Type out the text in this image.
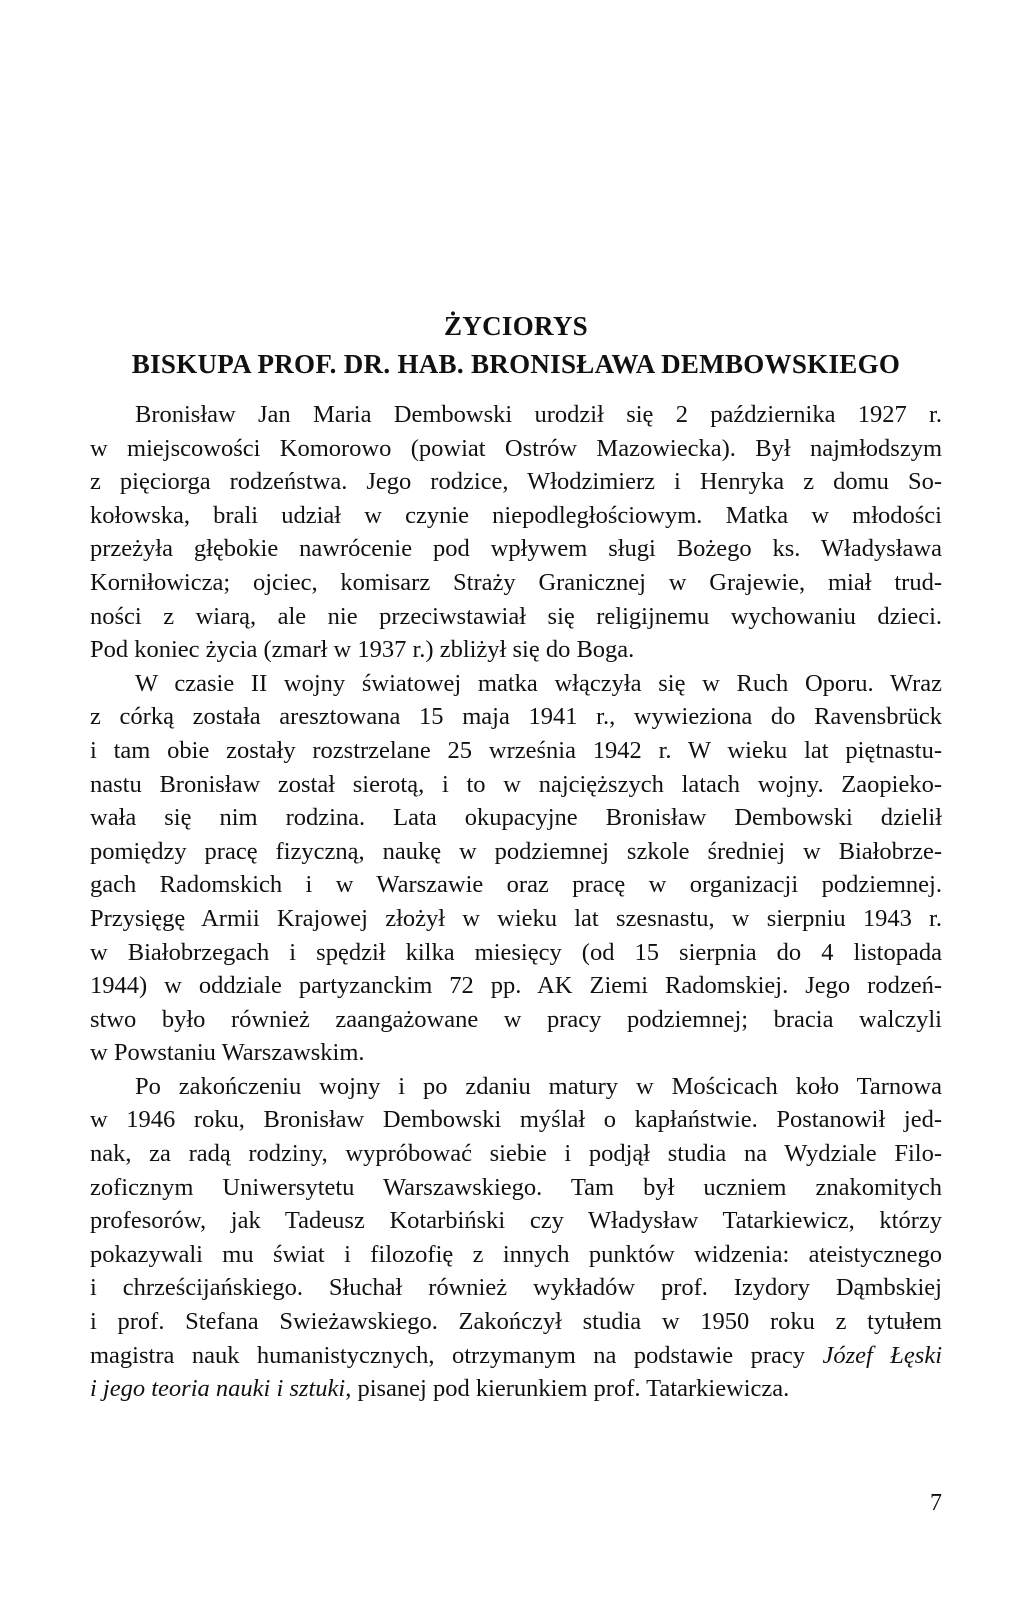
ŻYCIORYS
BISKUPA PROF. DR. HAB. BRONISŁAWA DEMBOWSKIEGO
Bronisław Jan Maria Dembowski urodził się 2 października 1927 r.
w miejscowości Komorowo (powiat Ostrów Mazowiecka). Był najmłodszym
z pięciorga rodzeństwa. Jego rodzice, Włodzimierz i Henryka z domu So-
kołowska, brali udział w czynie niepodległościowym. Matka w młodości
przeżyła głębokie nawrócenie pod wpływem sługi Bożego ks. Władysława
Korniłowicza; ojciec, komisarz Straży Granicznej w Grajewie, miał trud-
ności z wiarą, ale nie przeciwstawiał się religijnemu wychowaniu dzieci.
Pod koniec życia (zmarł w 1937 r.) zbliżył się do Boga.
W czasie II wojny światowej matka włączyła się w Ruch Oporu. Wraz
z córką została aresztowana 15 maja 1941 r., wywieziona do Ravensbrück
i tam obie zostały rozstrzelane 25 września 1942 r. W wieku lat piętnastu-
nastu Bronisław został sierotą, i to w najcięższych latach wojny. Zaopieko-
wała się nim rodzina. Lata okupacyjne Bronisław Dembowski dzielił
pomiędzy pracę fizyczną, naukę w podziemnej szkole średniej w Białobrze-
gach Radomskich i w Warszawie oraz pracę w organizacji podziemnej.
Przysięgę Armii Krajowej złożył w wieku lat szesnastu, w sierpniu 1943 r.
w Białobrzegach i spędził kilka miesięcy (od 15 sierpnia do 4 listopada
1944) w oddziale partyzanckim 72 pp. AK Ziemi Radomskiej. Jego rodzeń-
stwo było również zaangażowane w pracy podziemnej; bracia walczyli
w Powstaniu Warszawskim.
Po zakończeniu wojny i po zdaniu matury w Mościcach koło Tarnowa
w 1946 roku, Bronisław Dembowski myślał o kapłaństwie. Postanowił jed-
nak, za radą rodziny, wypróbować siebie i podjął studia na Wydziale Filo-
zoficznym Uniwersytetu Warszawskiego. Tam był uczniem znakomitych
profesorów, jak Tadeusz Kotarbiński czy Władysław Tatarkiewicz, którzy
pokazywali mu świat i filozofię z innych punktów widzenia: ateistycznego
i chrześcijańskiego. Słuchał również wykładów prof. Izydory Dąmbskiej
i prof. Stefana Swieżawskiego. Zakończył studia w 1950 roku z tytułem
magistra nauk humanistycznych, otrzymanym na podstawie pracy Józef Łęski
i jego teoria nauki i sztuki, pisanej pod kierunkiem prof. Tatarkiewicza.
7
